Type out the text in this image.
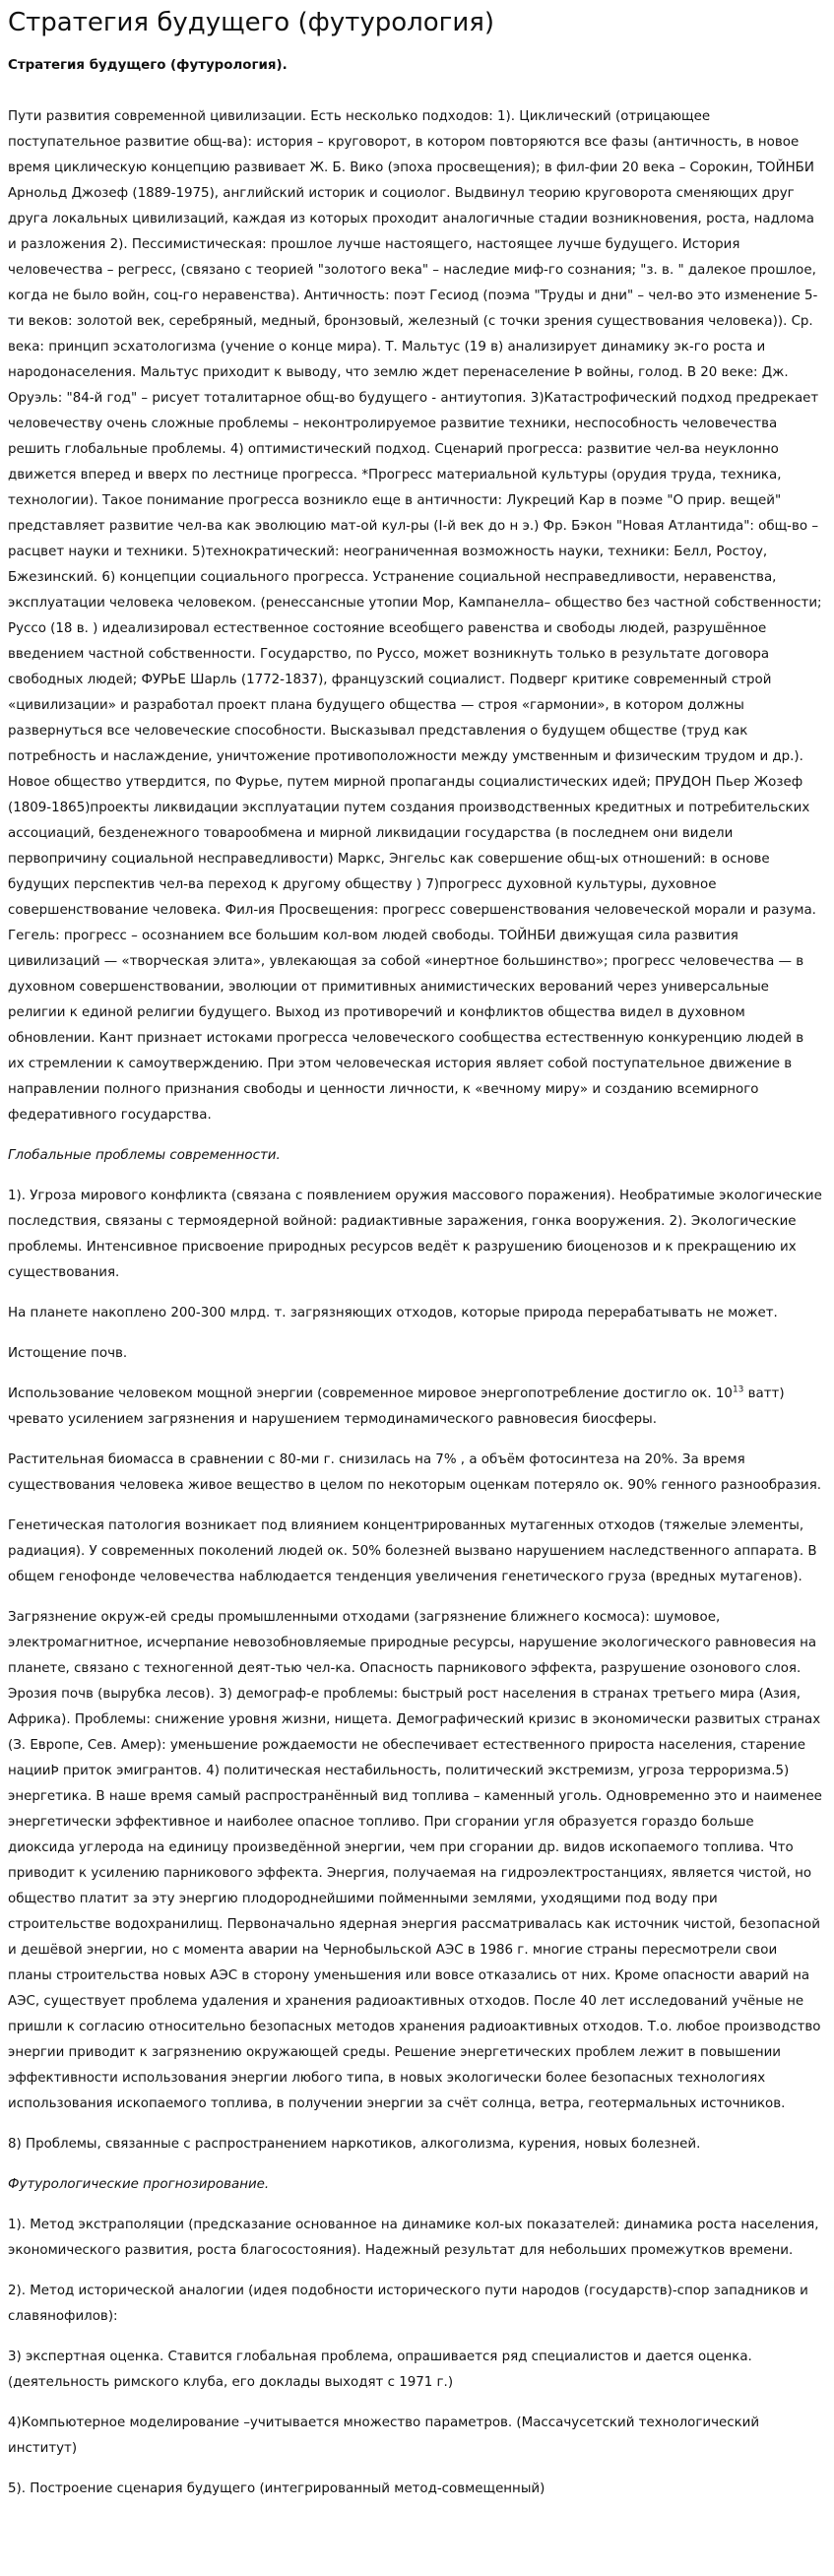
Стратегия будущего (футурология)

Стратегия будущего (футурология).

Пути развития современной цивилизации. Есть несколько подходов: 1). Циклический (отрицающее поступательное развитие общ-ва): история – круговорот, в котором повторяются все фазы (античность, в новое время циклическую концепцию развивает Ж. Б. Вико (эпоха просвещения); в фил-фии 20 века – Сорокин, ТОЙНБИ Арнольд Джозеф (1889-1975), английский историк и социолог. Выдвинул теорию круговорота сменяющих друг друга локальных цивилизаций, каждая из которых проходит аналогичные стадии возникновения, роста, надлома и разложения 2). Пессимистическая: прошлое лучше настоящего, настоящее лучше будущего. История человечества – регресс, (связано с теорией "золотого века" – наследие миф-го сознания; "з. в. " далекое прошлое, когда не было войн, соц-го неравенства). Античность: поэт Гесиод (поэма "Труды и дни" – чел-во это изменение 5-ти веков: золотой век, серебряный, медный, бронзовый, железный (с точки зрения существования человека)). Ср. века: принцип эсхатологизма (учение о конце мира). Т. Мальтус (19 в) анализирует динамику эк-го роста и народонаселения. Мальтус приходит к выводу, что землю ждет перенаселение Þ войны, голод. В 20 веке: Дж. Оруэль: "84-й год" – рисует тоталитарное общ-во будущего - антиутопия. 3)Катастрофический подход предрекает человечеству очень сложные проблемы – неконтролируемое развитие техники, неспособность человечества решить глобальные проблемы. 4) оптимистический подход. Сценарий прогресса: развитие чел-ва неуклонно движется вперед и вверх по лестнице прогресса. *Прогресс материальной культуры (орудия труда, техника, технологии). Такое понимание прогресса возникло еще в античности: Лукреций Кар в поэме "О прир. вещей" представляет развитие чел-ва как эволюцию мат-ой кул-ры (I-й век до н э.) Фр. Бэкон "Новая Атлантида": общ-во – расцвет науки и техники. 5)технократический: неограниченная возможность науки, техники: Белл, Ростоу, Бжезинский. 6) концепции социального прогресса. Устранение социальной несправедливости, неравенства, эксплуатации человека человеком. (ренессансные утопии Мор, Кампанелла– общество без частной собственности; Руссо (18 в. ) идеализировал естественное состояние всеобщего равенства и свободы людей, разрушённое введением частной собственности. Государство, по Руссо, может возникнуть только в результате договора свободных людей; ФУРЬЕ Шарль (1772-1837), французский социалист. Подверг критике современный строй «цивилизации» и разработал проект плана будущего общества — строя «гармонии», в котором должны развернуться все человеческие способности. Высказывал представления о будущем обществе (труд как потребность и наслаждение, уничтожение противоположности между умственным и физическим трудом и др.). Новое общество утвердится, по Фурье, путем мирной пропаганды социалистических идей; ПРУДОН Пьер Жозеф (1809-1865)проекты ликвидации эксплуатации путем создания производственных кредитных и потребительских ассоциаций, безденежного товарообмена и мирной ликвидации государства (в последнем они видели первопричину социальной несправедливости) Маркс, Энгельс как совершение общ-ых отношений: в основе будущих перспектив чел-ва переход к другому обществу ) 7)прогресс духовной культуры, духовное совершенствование человека. Фил-ия Просвещения: прогресс совершенствования человеческой морали и разума. Гегель: прогресс – осознанием все большим кол-вом людей свободы. ТОЙНБИ движущая сила развития цивилизаций — «творческая элита», увлекающая за собой «инертное большинство»; прогресс человечества — в духовном совершенствовании, эволюции от примитивных анимистических верований через универсальные религии к единой религии будущего. Выход из противоречий и конфликтов общества видел в духовном обновлении. Кант признает истоками прогресса человеческого сообщества естественную конкуренцию людей в их стремлении к самоутверждению. При этом человеческая история являет собой поступательное движение в направлении полного признания свободы и ценности личности, к «вечному миру» и созданию всемирного федеративного государства.

Глобальные проблемы современности.

1). Угроза мирового конфликта (связана с появлением оружия массового поражения). Необратимые экологические последствия, связаны с термоядерной войной: радиактивные заражения, гонка вооружения. 2). Экологические проблемы. Интенсивное присвоение природных ресурсов ведёт к разрушению биоценозов и к прекращению их существования.

На планете накоплено 200-300 млрд. т. загрязняющих отходов, которые природа перерабатывать не может.

Истощение почв.

Использование человеком мощной энергии (современное мировое энергопотребление достигло ок. $10^{13}$ ватт) чревато усилением загрязнения и нарушением термодинамического равновесия биосферы.

Растительная биомасса в сравнении с 80-ми г. снизилась на 7% , а объём фотосинтеза на 20%. За время существования человека живое вещество в целом по некоторым оценкам потеряло ок. 90% генного разнообразия.

Генетическая патология возникает под влиянием концентрированных мутагенных отходов (тяжелые элементы, радиация). У современных поколений людей ок. 50% болезней вызвано нарушением наследственного аппарата. В общем генофонде человечества наблюдается тенденция увеличения генетического груза (вредных мутагенов).

Загрязнение окруж-ей среды промышленными отходами (загрязнение ближнего космоса): шумовое, электромагнитное, исчерпание невозобновляемые природные ресурсы, нарушение экологического равновесия на планете, связано с техногенной деят-тью чел-ка. Опасность парникового эффекта, разрушение озонового слоя. Эрозия почв (вырубка лесов). 3) демограф-е проблемы: быстрый рост населения в странах третьего мира (Азия, Африка). Проблемы: снижение уровня жизни, нищета. Демографический кризис в экономически развитых странах (З. Европе, Сев. Амер): уменьшение рождаемости не обеспечивает естественного прироста населения, старение нацииÞ приток эмигрантов. 4) политическая нестабильность, политический экстремизм, угроза терроризма.5) энергетика. В наше время самый распространённый вид топлива – каменный уголь. Одновременно это и наименее энергетически эффективное и наиболее опасное топливо. При сгорании угля образуется гораздо больше диоксида углерода на единицу произведённой энергии, чем при сгорании др. видов ископаемого топлива. Что приводит к усилению парникового эффекта. Энергия, получаемая на гидроэлектростанциях, является чистой, но общество платит за эту энергию плодороднейшими пойменными землями, уходящими под воду при строительстве водохранилищ. Первоначально ядерная энергия рассматривалась как источник чистой, безопасной и дешёвой энергии, но с момента аварии на Чернобыльской АЭС в 1986 г. многие страны пересмотрели свои планы строительства новых АЭС в сторону уменьшения или вовсе отказались от них. Кроме опасности аварий на АЭС, существует проблема удаления и хранения радиоактивных отходов. После 40 лет исследований учёные не пришли к согласию относительно безопасных методов хранения радиоактивных отходов. Т.о. любое производство энергии приводит к загрязнению окружающей среды. Решение энергетических проблем лежит в повышении эффективности использования энергии любого типа, в новых экологически более безопасных технологиях использования ископаемого топлива, в получении энергии за счёт солнца, ветра, геотермальных источников.

8) Проблемы, связанные с распространением наркотиков, алкоголизма, курения, новых болезней.

Футурологические прогнозирование.

1). Метод экстраполяции (предсказание основанное на динамике кол-ых показателей: динамика роста населения, экономического развития, роста благосостояния). Надежный результат для небольших промежутков времени.

2). Метод исторической аналогии (идея подобности исторического пути народов (государств)-спор западников и славянофилов):

3) экспертная оценка. Ставится глобальная проблема, опрашивается ряд специалистов и дается оценка. (деятельность римского клуба, его доклады выходят с 1971 г.)

4)Компьютерное моделирование –учитывается множество параметров. (Массачусетский технологический институт)

5). Построение сценария будущего (интегрированный метод-совмещенный)
